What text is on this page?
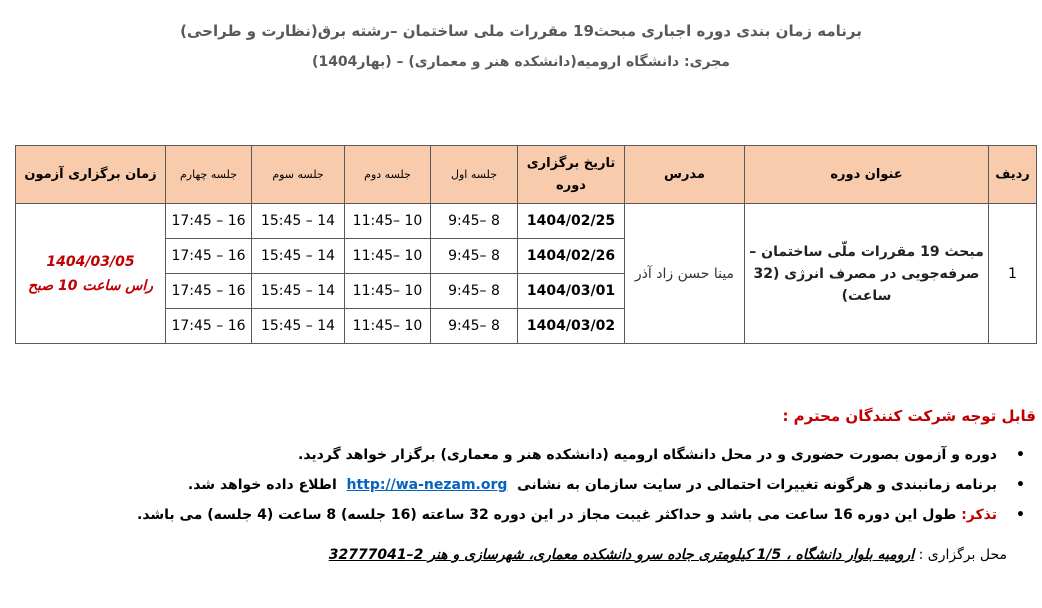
برنامه زمان بندی دوره اجباری مبحث19 مقررات ملی ساختمان –رشته برق(نظارت و طراحی)
مجری: دانشگاه ارومیه(دانشکده هنر و معماری) – (بهار1404)
ردیف	عنوان دوره	مدرس	تاریخ برگزاری
دوره	جلسه اول	جلسه دوم	جلسه سوم	جلسه چهارم	زمان برگزاری آزمون
1	مبحث 19 مقررات ملّی ساختمان –
صرفه‌جویی در مصرف انرژی (32 ساعت)	مینا حسن زاد آذر	1404/02/25	8 –9:45	10 –11:45	14 – 15:45	16 – 17:45	1404/03/05
راس ساعت 10 صبح
			1404/02/26	8 –9:45	10 –11:45	14 – 15:45	16 – 17:45	
			1404/03/01	8 –9:45	10 –11:45	14 – 15:45	16 – 17:45	
			1404/03/02	8 –9:45	10 –11:45	14 – 15:45	16 – 17:45	
قابل توجه شرکت کنندگان محترم :
•
دوره و آزمون بصورت حضوری و در محل دانشگاه ارومیه (دانشکده هنر و معماری) برگزار خواهد گردید.
•
برنامه زمانبندی و هرگونه تغییرات احتمالی در سایت سازمان به نشانی  http://wa-nezam.org  اطلاع داده خواهد شد.
•
تذکر: طول این دوره 16 ساعت می باشد و حداکثر غیبت مجاز در این دوره 32 ساعته (16 جلسه) 8 ساعت (4 جلسه) می باشد.
محل برگزاری : ارومیه بلوار دانشگاه ، 1/5 کیلومتری جاده سرو دانشکده معماری، شهرسازی و هنر 2–32777041
